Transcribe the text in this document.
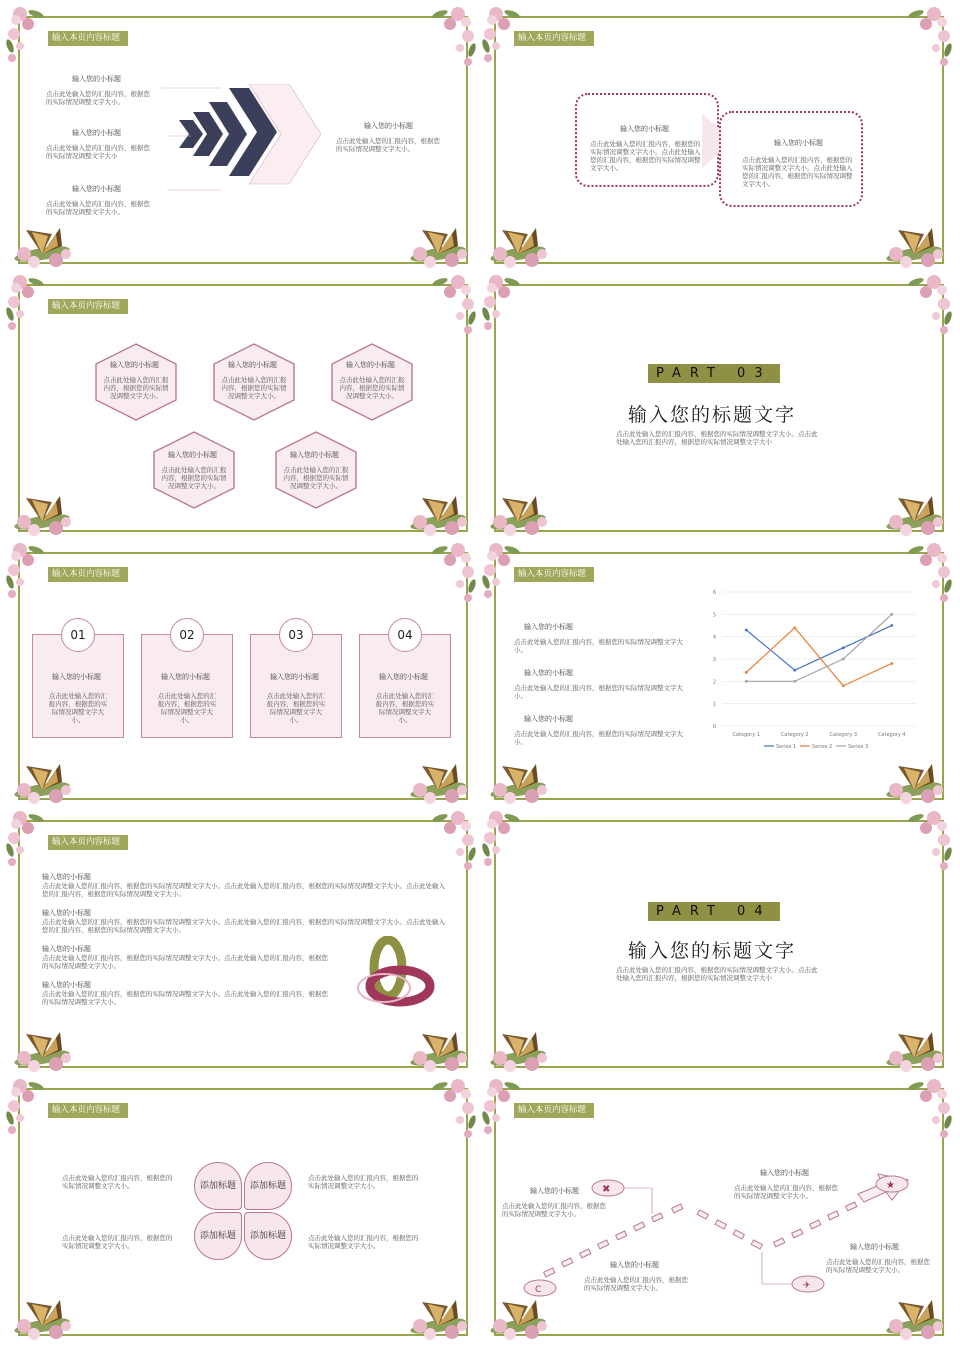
输入本页内容标题
输入您的小标题
点击此处输入您的汇报内容，根据您的实际情况调整文字大小。
输入您的小标题
点击此处输入您的汇报内容，根据您的实际情况调整文字大小
输入您的小标题
点击此处输入您的汇报内容，根据您的实际情况调整文字大小。
输入您的小标题
点击此处输入您的汇报内容，根据您的实际情况调整文字大小。
输入本页内容标题
输入您的小标题
点击此处输入您的汇报内容，根据您的实际情况调整文字大小。点击此处输入您的汇报内容，根据您的实际情况调整文字大小。
输入您的小标题
点击此处输入您的汇报内容，根据您的实际情况调整文字大小。点击此处输入您的汇报内容，根据您的实际情况调整文字大小。
输入本页内容标题
输入您的小标题
点击此处输入您的汇报内容，根据您的实际情况调整文字大小。
输入您的小标题
点击此处输入您的汇报内容，根据您的实际情况调整文字大小。
输入您的小标题
点击此处输入您的汇报内容，根据您的实际情况调整文字大小。
输入您的小标题
点击此处输入您的汇报内容，根据您的实际情况调整文字大小。
输入您的小标题
点击此处输入您的汇报内容，根据您的实际情况调整文字大小。
PART 03
输入您的标题文字
点击此处输入您的汇报内容，根据您的实际情况调整文字大小。点击此处输入您的汇报内容，根据您的实际情况调整文字大小
输入本页内容标题
01
输入您的小标题
点击此处输入您的汇报内容，根据您的实际情况调整文字大小。
02
输入您的小标题
点击此处输入您的汇报内容，根据您的实际情况调整文字大小。
03
输入您的小标题
点击此处输入您的汇报内容，根据您的实际情况调整文字大小。
04
输入您的小标题
点击此处输入您的汇报内容，根据您的实际情况调整文字大小。
输入本页内容标题
输入您的小标题
点击此处输入您的汇报内容，根据您的实际情况调整文字大小。
输入您的小标题
点击此处输入您的汇报内容，根据您的实际情况调整文字大小。
输入您的小标题
点击此处输入您的汇报内容，根据您的实际情况调整文字大小。
0
1
2
3
4
5
6
Category 1	Category 2	Category 3	Category 4
Series 1	Series 2	Series 3
输入本页内容标题
输入您的小标题
点击此处输入您的汇报内容，根据您的实际情况调整文字大小。点击此处输入您的汇报内容，根据您的实际情况调整文字大小。点击此处输入您的汇报内容，根据您的实际情况调整文字大小。
输入您的小标题
点击此处输入您的汇报内容，根据您的实际情况调整文字大小。点击此处输入您的汇报内容，根据您的实际情况调整文字大小。点击此处输入您的汇报内容，根据您的实际情况调整文字大小。
输入您的小标题
点击此处输入您的汇报内容，根据您的实际情况调整文字大小。点击此处输入您的汇报内容，根据您的实际情况调整文字大小。
输入您的小标题
点击此处输入您的汇报内容，根据您的实际情况调整文字大小。点击此处输入您的汇报内容，根据您的实际情况调整文字大小。
PART 04
输入您的标题文字
点击此处输入您的汇报内容，根据您的实际情况调整文字大小。点击此处输入您的汇报内容，根据您的实际情况调整文字大小
输入本页内容标题
添加标题	添加标题
添加标题	添加标题
点击此处输入您的汇报内容，根据您的实际情况调整文字大小。
点击此处输入您的汇报内容，根据您的实际情况调整文字大小。
点击此处输入您的汇报内容，根据您的实际情况调整文字大小。
点击此处输入您的汇报内容，根据您的实际情况调整文字大小。
输入本页内容标题
✖
C	✈
★
输入您的小标题
点击此处输入您的汇报内容，根据您的实际情况调整文字大小。
输入您的小标题
点击此处输入您的汇报内容，根据您的实际情况调整文字大小。
输入您的小标题
点击此处输入您的汇报内容，根据您的实际情况调整文字大小。
输入您的小标题
点击此处输入您的汇报内容，根据您的实际情况调整文字大小。
